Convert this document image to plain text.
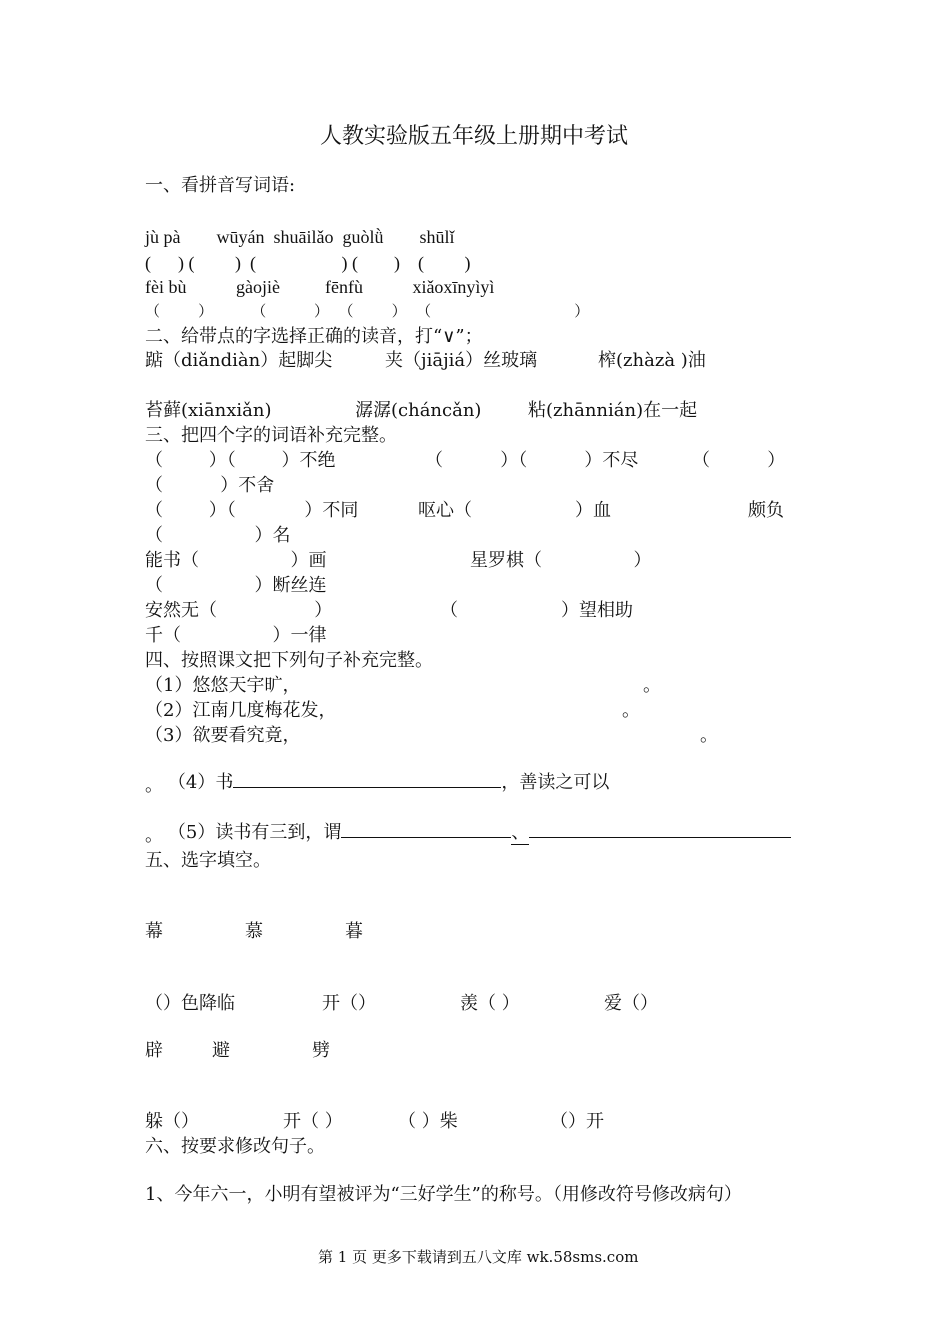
人教实验版五年级上册期中考试
一、看拼音写词语:
jù pà        wūyán  shuāilǎo  guòlǜ        shūlǐ
(      ) (         )  (                   ) (        )    (         )
fèi bù           gàojiè          fēnfù           xiǎoxīnyìyì
（        ）        （          ）  （        ）  （                              ）
二、给带点的字选择正确的读音，打“∨”；
踮（diǎndiàn）起脚尖	夹（jiājiá）丝玻璃	榨(zhàzà )油
苔藓(xiānxiǎn)	潺潺(cháncǎn)	粘(zhānnián)在一起
三、把四个字的词语补充完整。
（        ）（        ）不绝	（          ）（          ）不尽	（          ）
（          ）不舍
（        ）（            ）不同	呕心（                  ）血	颇负
（                ）名
能书（                ）画	星罗棋（                ）
（                ）断丝连
安然无（                 ）	（                  ）望相助
千（                ）一律
四、按照课文把下列句子补充完整。
（1）悠悠天宇旷，	。
（2）江南几度梅花发，	。
（3）欲要看究竟，	。

（4）书	，善读之可以

。

（5）读书有三到，谓	、

。
五、选字填空。
幕	慕	暮
（）色降临	开（）	羡（ ）	爱（）
辟	避	劈
躲（）	开（ ）	（ ）柴	（）开
六、按要求修改句子。
1、今年六一，小明有望被评为“三好学生”的称号。（用修改符号修改病句）
第 1 页 更多下载请到五八文库 wk.58sms.com
